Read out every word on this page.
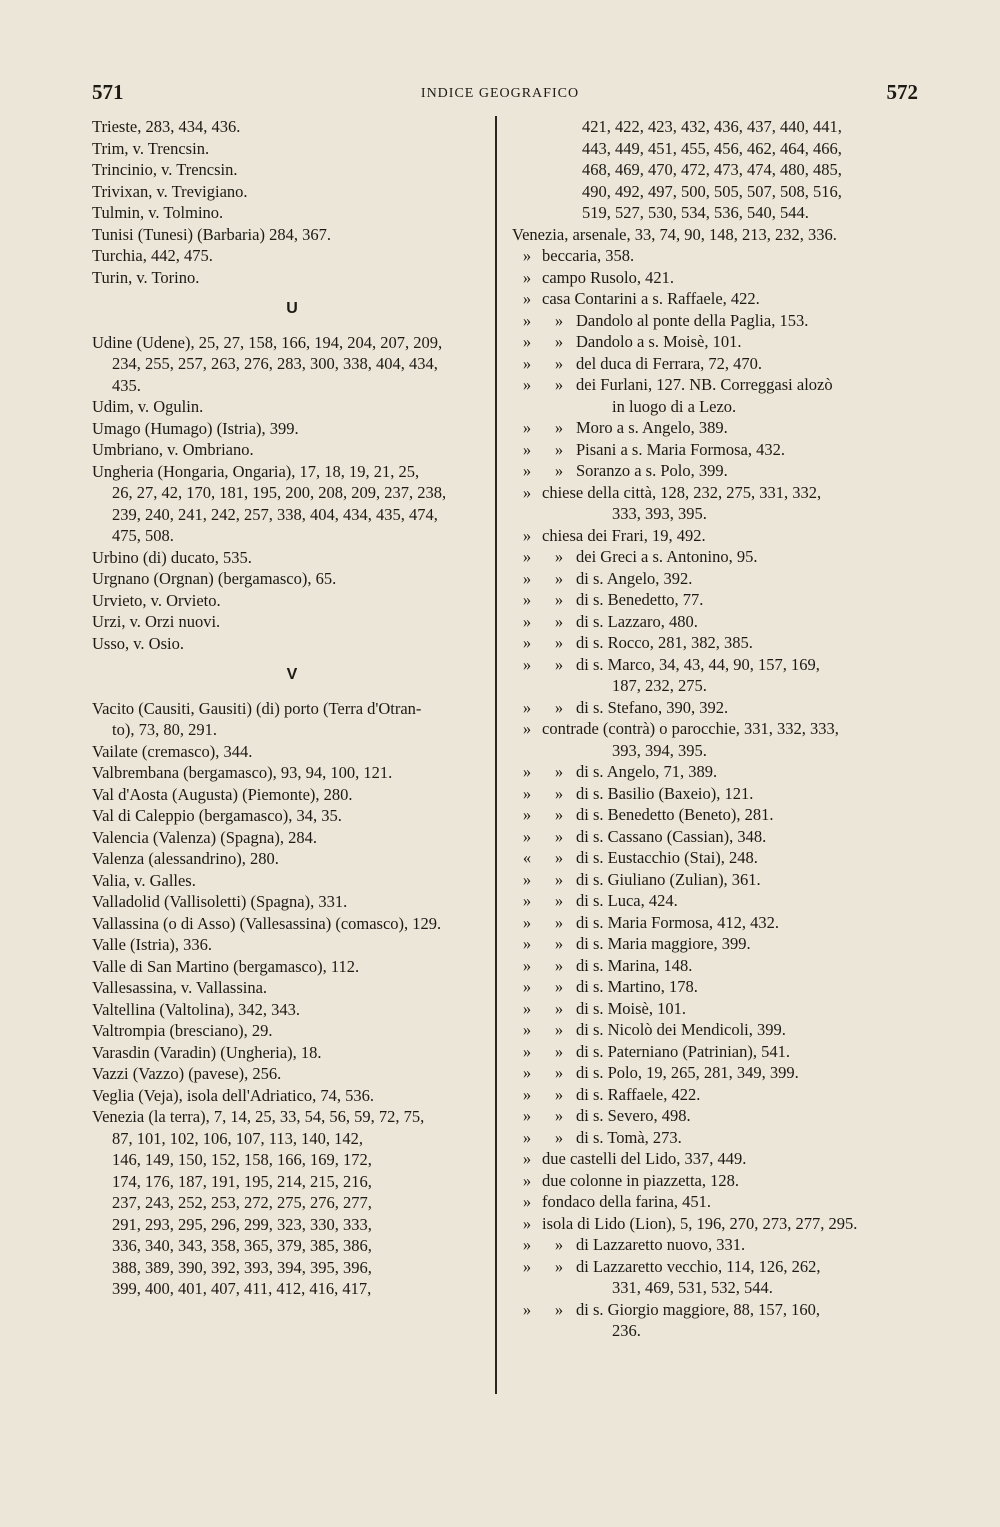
571	INDICE GEOGRAFICO	572
Trieste, 283, 434, 436.
Trim, v. Trencsin.
Trincinio, v. Trencsin.
Trivixan, v. Trevigiano.
Tulmin, v. Tolmino.
Tunisi (Tunesi) (Barbaria) 284, 367.
Turchia, 442, 475.
Turin, v. Torino.
U
Udine (Udene), 25, 27, 158, 166, 194, 204, 207, 209,
234, 255, 257, 263, 276, 283, 300, 338, 404, 434,
435.
Udim, v. Ogulin.
Umago (Humago) (Istria), 399.
Umbriano, v. Ombriano.
Ungheria (Hongaria, Ongaria), 17, 18, 19, 21, 25,
26, 27, 42, 170, 181, 195, 200, 208, 209, 237, 238,
239, 240, 241, 242, 257, 338, 404, 434, 435, 474,
475, 508.
Urbino (di) ducato, 535.
Urgnano (Orgnan) (bergamasco), 65.
Urvieto, v. Orvieto.
Urzi, v. Orzi nuovi.
Usso, v. Osio.
V
Vacito (Causiti, Gausiti) (di) porto (Terra d'Otran-
to), 73, 80, 291.
Vailate (cremasco), 344.
Valbrembana (bergamasco), 93, 94, 100, 121.
Val d'Aosta (Augusta) (Piemonte), 280.
Val di Caleppio (bergamasco), 34, 35.
Valencia (Valenza) (Spagna), 284.
Valenza (alessandrino), 280.
Valia, v. Galles.
Valladolid (Vallisoletti) (Spagna), 331.
Vallassina (o di Asso) (Vallesassina) (comasco), 129.
Valle (Istria), 336.
Valle di San Martino (bergamasco), 112.
Vallesassina, v. Vallassina.
Valtellina (Valtolina), 342, 343.
Valtrompia (bresciano), 29.
Varasdin (Varadin) (Ungheria), 18.
Vazzi (Vazzo) (pavese), 256.
Veglia (Veja), isola dell'Adriatico, 74, 536.
Venezia (la terra), 7, 14, 25, 33, 54, 56, 59, 72, 75,
87, 101, 102, 106, 107, 113, 140, 142,
146, 149, 150, 152, 158, 166, 169, 172,
174, 176, 187, 191, 195, 214, 215, 216,
237, 243, 252, 253, 272, 275, 276, 277,
291, 293, 295, 296, 299, 323, 330, 333,
336, 340, 343, 358, 365, 379, 385, 386,
388, 389, 390, 392, 393, 394, 395, 396,
399, 400, 401, 407, 411, 412, 416, 417,
421, 422, 423, 432, 436, 437, 440, 441,
443, 449, 451, 455, 456, 462, 464, 466,
468, 469, 470, 472, 473, 474, 480, 485,
490, 492, 497, 500, 505, 507, 508, 516,
519, 527, 530, 534, 536, 540, 544.
Venezia, arsenale, 33, 74, 90, 148, 213, 232, 336.
» beccaria, 358.
» campo Rusolo, 421.
» casa Contarini a s. Raffaele, 422.
»	» Dandolo al ponte della Paglia, 153.
»	» Dandolo a s. Moisè, 101.
»	» del duca di Ferrara, 72, 470.
»	» dei Furlani, 127. NB. Correggasi alozò
in luogo di a Lezo.
»	» Moro a s. Angelo, 389.
»	» Pisani a s. Maria Formosa, 432.
»	» Soranzo a s. Polo, 399.
» chiese della città, 128, 232, 275, 331, 332,
333, 393, 395.
» chiesa dei Frari, 19, 492.
»	» dei Greci a s. Antonino, 95.
»	» di s. Angelo, 392.
»	» di s. Benedetto, 77.
»	» di s. Lazzaro, 480.
»	» di s. Rocco, 281, 382, 385.
»	» di s. Marco, 34, 43, 44, 90, 157, 169,
187, 232, 275.
»	» di s. Stefano, 390, 392.
» contrade (contrà) o parocchie, 331, 332, 333,
393, 394, 395.
»	» di s. Angelo, 71, 389.
»	» di s. Basilio (Baxeio), 121.
»	» di s. Benedetto (Beneto), 281.
»	» di s. Cassano (Cassian), 348.
«	» di s. Eustacchio (Stai), 248.
»	» di s. Giuliano (Zulian), 361.
»	» di s. Luca, 424.
»	» di s. Maria Formosa, 412, 432.
»	» di s. Maria maggiore, 399.
»	» di s. Marina, 148.
»	» di s. Martino, 178.
»	» di s. Moisè, 101.
»	» di s. Nicolò dei Mendicoli, 399.
»	» di s. Paterniano (Patrinian), 541.
»	» di s. Polo, 19, 265, 281, 349, 399.
»	» di s. Raffaele, 422.
»	» di s. Severo, 498.
»	» di s. Tomà, 273.
» due castelli del Lido, 337, 449.
» due colonne in piazzetta, 128.
» fondaco della farina, 451.
» isola di Lido (Lion), 5, 196, 270, 273, 277, 295.
»	» di Lazzaretto nuovo, 331.
»	» di Lazzaretto vecchio, 114, 126, 262,
331, 469, 531, 532, 544.
»	» di s. Giorgio maggiore, 88, 157, 160,
236.
